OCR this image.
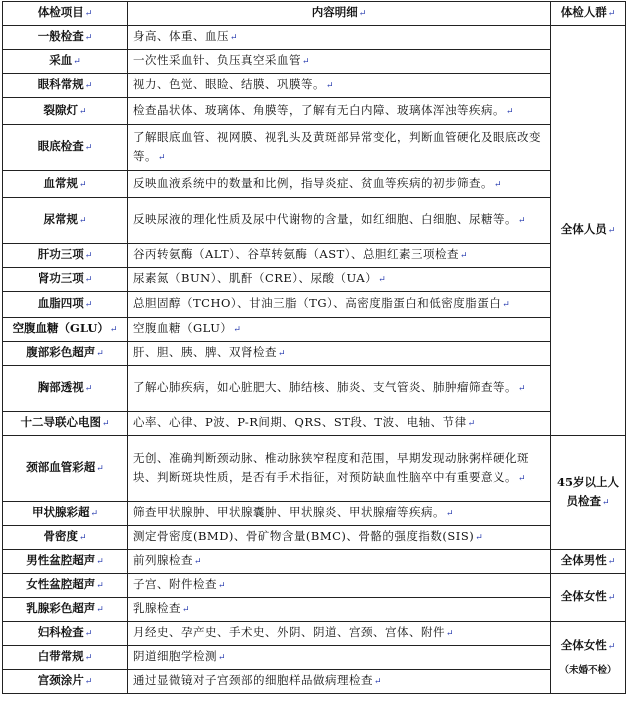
体检项目↵	内容明细↵	体检人群↵
一般检查↵	身高、体重、血压↵	全体人员↵
采血↵	一次性采血针、负压真空采血管↵	
眼科常规↵	视力、色觉、眼睑、结膜、巩膜等。↵	
裂隙灯↵	检查晶状体、玻璃体、角膜等，了解有无白内障、玻璃体浑浊等疾病。↵	
眼底检查↵	了解眼底血管、视网膜、视乳头及黄斑部异常变化，判断血管硬化及眼底改变等。↵	
血常规↵	反映血液系统中的数量和比例，指导炎症、贫血等疾病的初步筛查。↵	
尿常规↵	反映尿液的理化性质及尿中代谢物的含量，如红细胞、白细胞、尿糖等。↵	
肝功三项↵	谷丙转氨酶（ALT）、谷草转氨酶（AST）、总胆红素三项检查↵	
肾功三项↵	尿素氮（BUN）、肌酐（CRE）、尿酸（UA）↵	
血脂四项↵	总胆固醇（TCHO）、甘油三脂（TG）、高密度脂蛋白和低密度脂蛋白↵	
空腹血糖（GLU）↵	空腹血糖（GLU）↵	
腹部彩色超声↵	肝、胆、胰、脾、双肾检查↵	
胸部透视↵	了解心肺疾病，如心脏肥大、肺结核、肺炎、支气管炎、肺肿瘤筛查等。↵	
十二导联心电图↵	心率、心律、P波、P-R间期、QRS、ST段、T波、电轴、节律↵	
颈部血管彩超↵	无创、准确判断颈动脉、椎动脉狭窄程度和范围，早期发现动脉粥样硬化斑块、判断斑块性质，是否有手术指征，对预防缺血性脑卒中有重要意义。↵	45岁以上人员检查↵
甲状腺彩超↵	筛查甲状腺肿、甲状腺囊肿、甲状腺炎、甲状腺瘤等疾病。↵	
骨密度↵	测定骨密度(BMD)、骨矿物含量(BMC)、骨骼的强度指数(SIS)↵	
男性盆腔超声↵	前列腺检查↵	全体男性↵
女性盆腔超声↵	子宫、附件检查↵	全体女性↵
乳腺彩色超声↵	乳腺检查↵	
妇科检查↵	月经史、孕产史、手术史、外阴、阴道、宫颈、宫体、附件↵	全体女性↵
（未婚不检）

白带常规↵	阴道细胞学检测↵	
宫颈涂片↵	通过显微镜对子宫颈部的细胞样品做病理检查↵	
